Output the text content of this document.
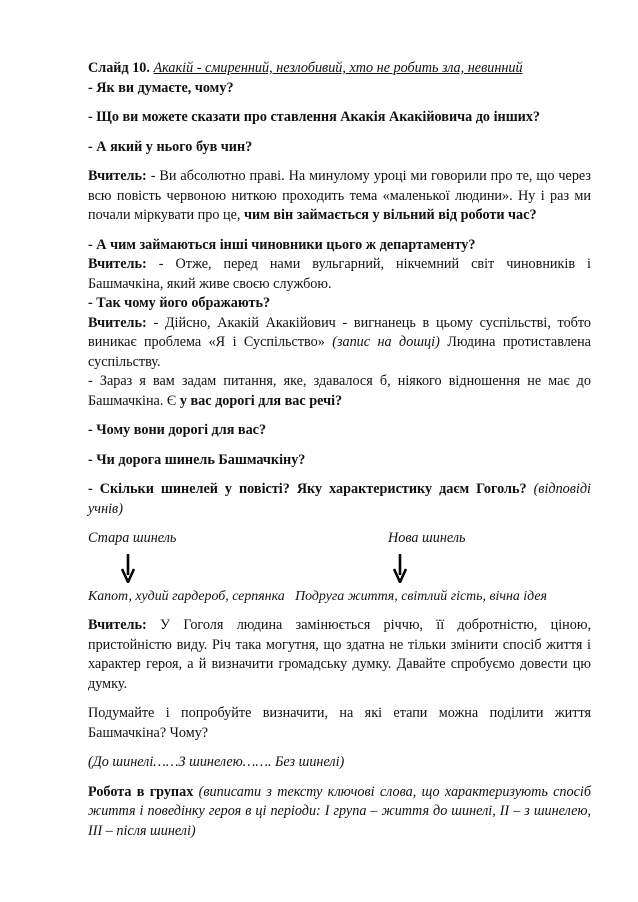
Слайд 10. Акакій - смиренний, незлобивий, хто не робить зла, невинний

- Як ви думаєте, чому?

- Що ви можете сказати про ставлення Акакія Акакійовича до інших?

- А який у нього був чин?

Вчитель: - Ви абсолютно праві. На минулому уроці ми говорили про те, що через всю повість червоною ниткою проходить тема «маленької людини». Ну і раз ми почали міркувати про це, чим він займається у вільний від роботи час?

- А чим займаються інші чиновники цього ж департаменту?

Вчитель: - Отже, перед нами вульгарний, нікчемний світ чиновників і Башмачкіна, який живе своєю службою.

- Так чому його ображають?

Вчитель: - Дійсно, Акакій Акакійович - вигнанець в цьому суспільстві, тобто виникає проблема «Я і Суспільство» (запис на дошці) Людина протиставлена суспільству.

- Зараз я вам задам питання, яке, здавалося б, ніякого відношення не має до Башмачкіна. Є у вас дорогі для вас речі?

- Чому вони дорогі для вас?

- Чи дорога шинель Башмачкіну?

- Скільки шинелей у повісті? Яку характеристику даєм Гоголь? (відповіді учнів)

Стара шинель	Нова шинель

Капот, худий гардероб, серпянка Подруга життя, світлий гість, вічна ідея

Вчитель: У Гоголя людина замінюється річчю, її добротністю, ціною, пристойністю виду. Річ така могутня, що здатна не тільки змінити спосіб життя і характер героя, а й визначити громадську думку. Давайте спробуємо довести цю думку.

Подумайте і попробуйте визначити, на які етапи можна поділити життя Башмачкіна? Чому?

(До шинелі……З шинелею……. Без шинелі)

Робота в групах (виписати з тексту ключові слова, що характеризують спосіб життя і поведінку героя в ці періоди: І група – життя до шинелі, ІІ – з шинелею, ІІІ – після шинелі)
